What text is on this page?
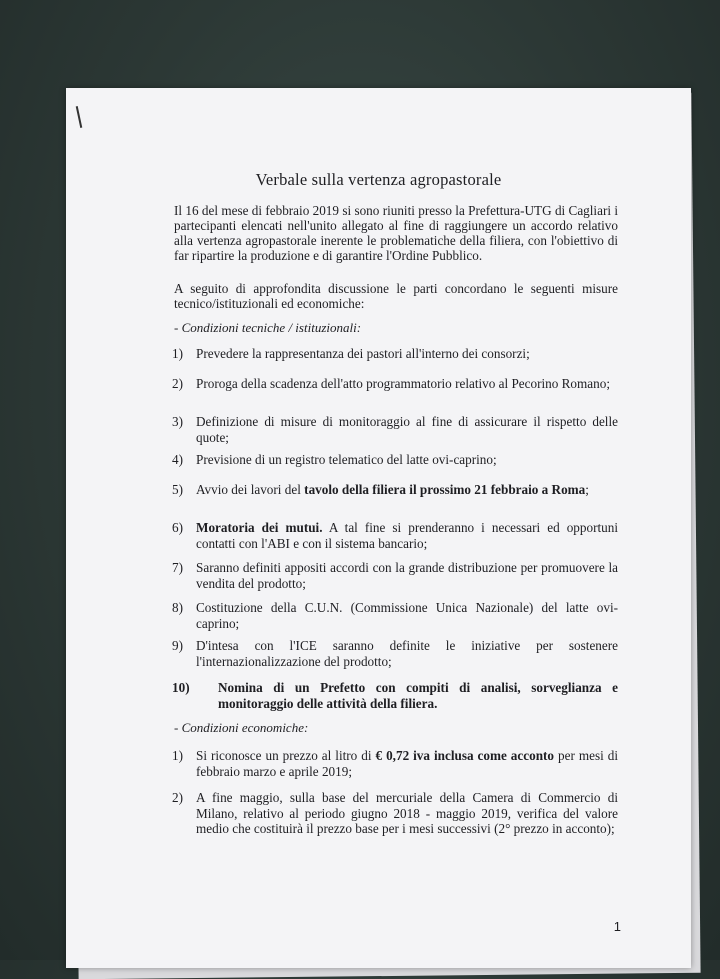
Verbale sulla vertenza agropastorale
Il 16 del mese di febbraio 2019 si sono riuniti presso la Prefettura-UTG di Cagliari i partecipanti elencati nell'unito allegato al fine di raggiungere un accordo relativo alla vertenza agropastorale inerente le problematiche della filiera, con l'obiettivo di far ripartire la produzione e di garantire l'Ordine Pubblico.
A seguito di approfondita discussione le parti concordano le seguenti misure tecnico/istituzionali ed economiche:
- Condizioni tecniche / istituzionali:
1) Prevedere la rappresentanza dei pastori all'interno dei consorzi;
2) Proroga della scadenza dell'atto programmatorio relativo al Pecorino Romano;
3) Definizione di misure di monitoraggio al fine di assicurare il rispetto delle quote;
4) Previsione di un registro telematico del latte ovi-caprino;
5) Avvio dei lavori del tavolo della filiera il prossimo 21 febbraio a Roma;
6) Moratoria dei mutui. A tal fine si prenderanno i necessari ed opportuni contatti con l'ABI e con il sistema bancario;
7) Saranno definiti appositi accordi con la grande distribuzione per promuovere la vendita del prodotto;
8) Costituzione della C.U.N. (Commissione Unica Nazionale) del latte ovi-caprino;
9) D'intesa con l'ICE saranno definite le iniziative per sostenere l'internazionalizzazione del prodotto;
10)	Nomina di un Prefetto con compiti di analisi, sorveglianza e monitoraggio delle attività della filiera.
- Condizioni economiche:
1) Si riconosce un prezzo al litro di € 0,72 iva inclusa come acconto per mesi di febbraio marzo e aprile 2019;
2) A fine maggio, sulla base del mercuriale della Camera di Commercio di Milano, relativo al periodo giugno 2018 - maggio 2019, verifica del valore medio che costituirà il prezzo base per i mesi successivi (2° prezzo in acconto);
1
